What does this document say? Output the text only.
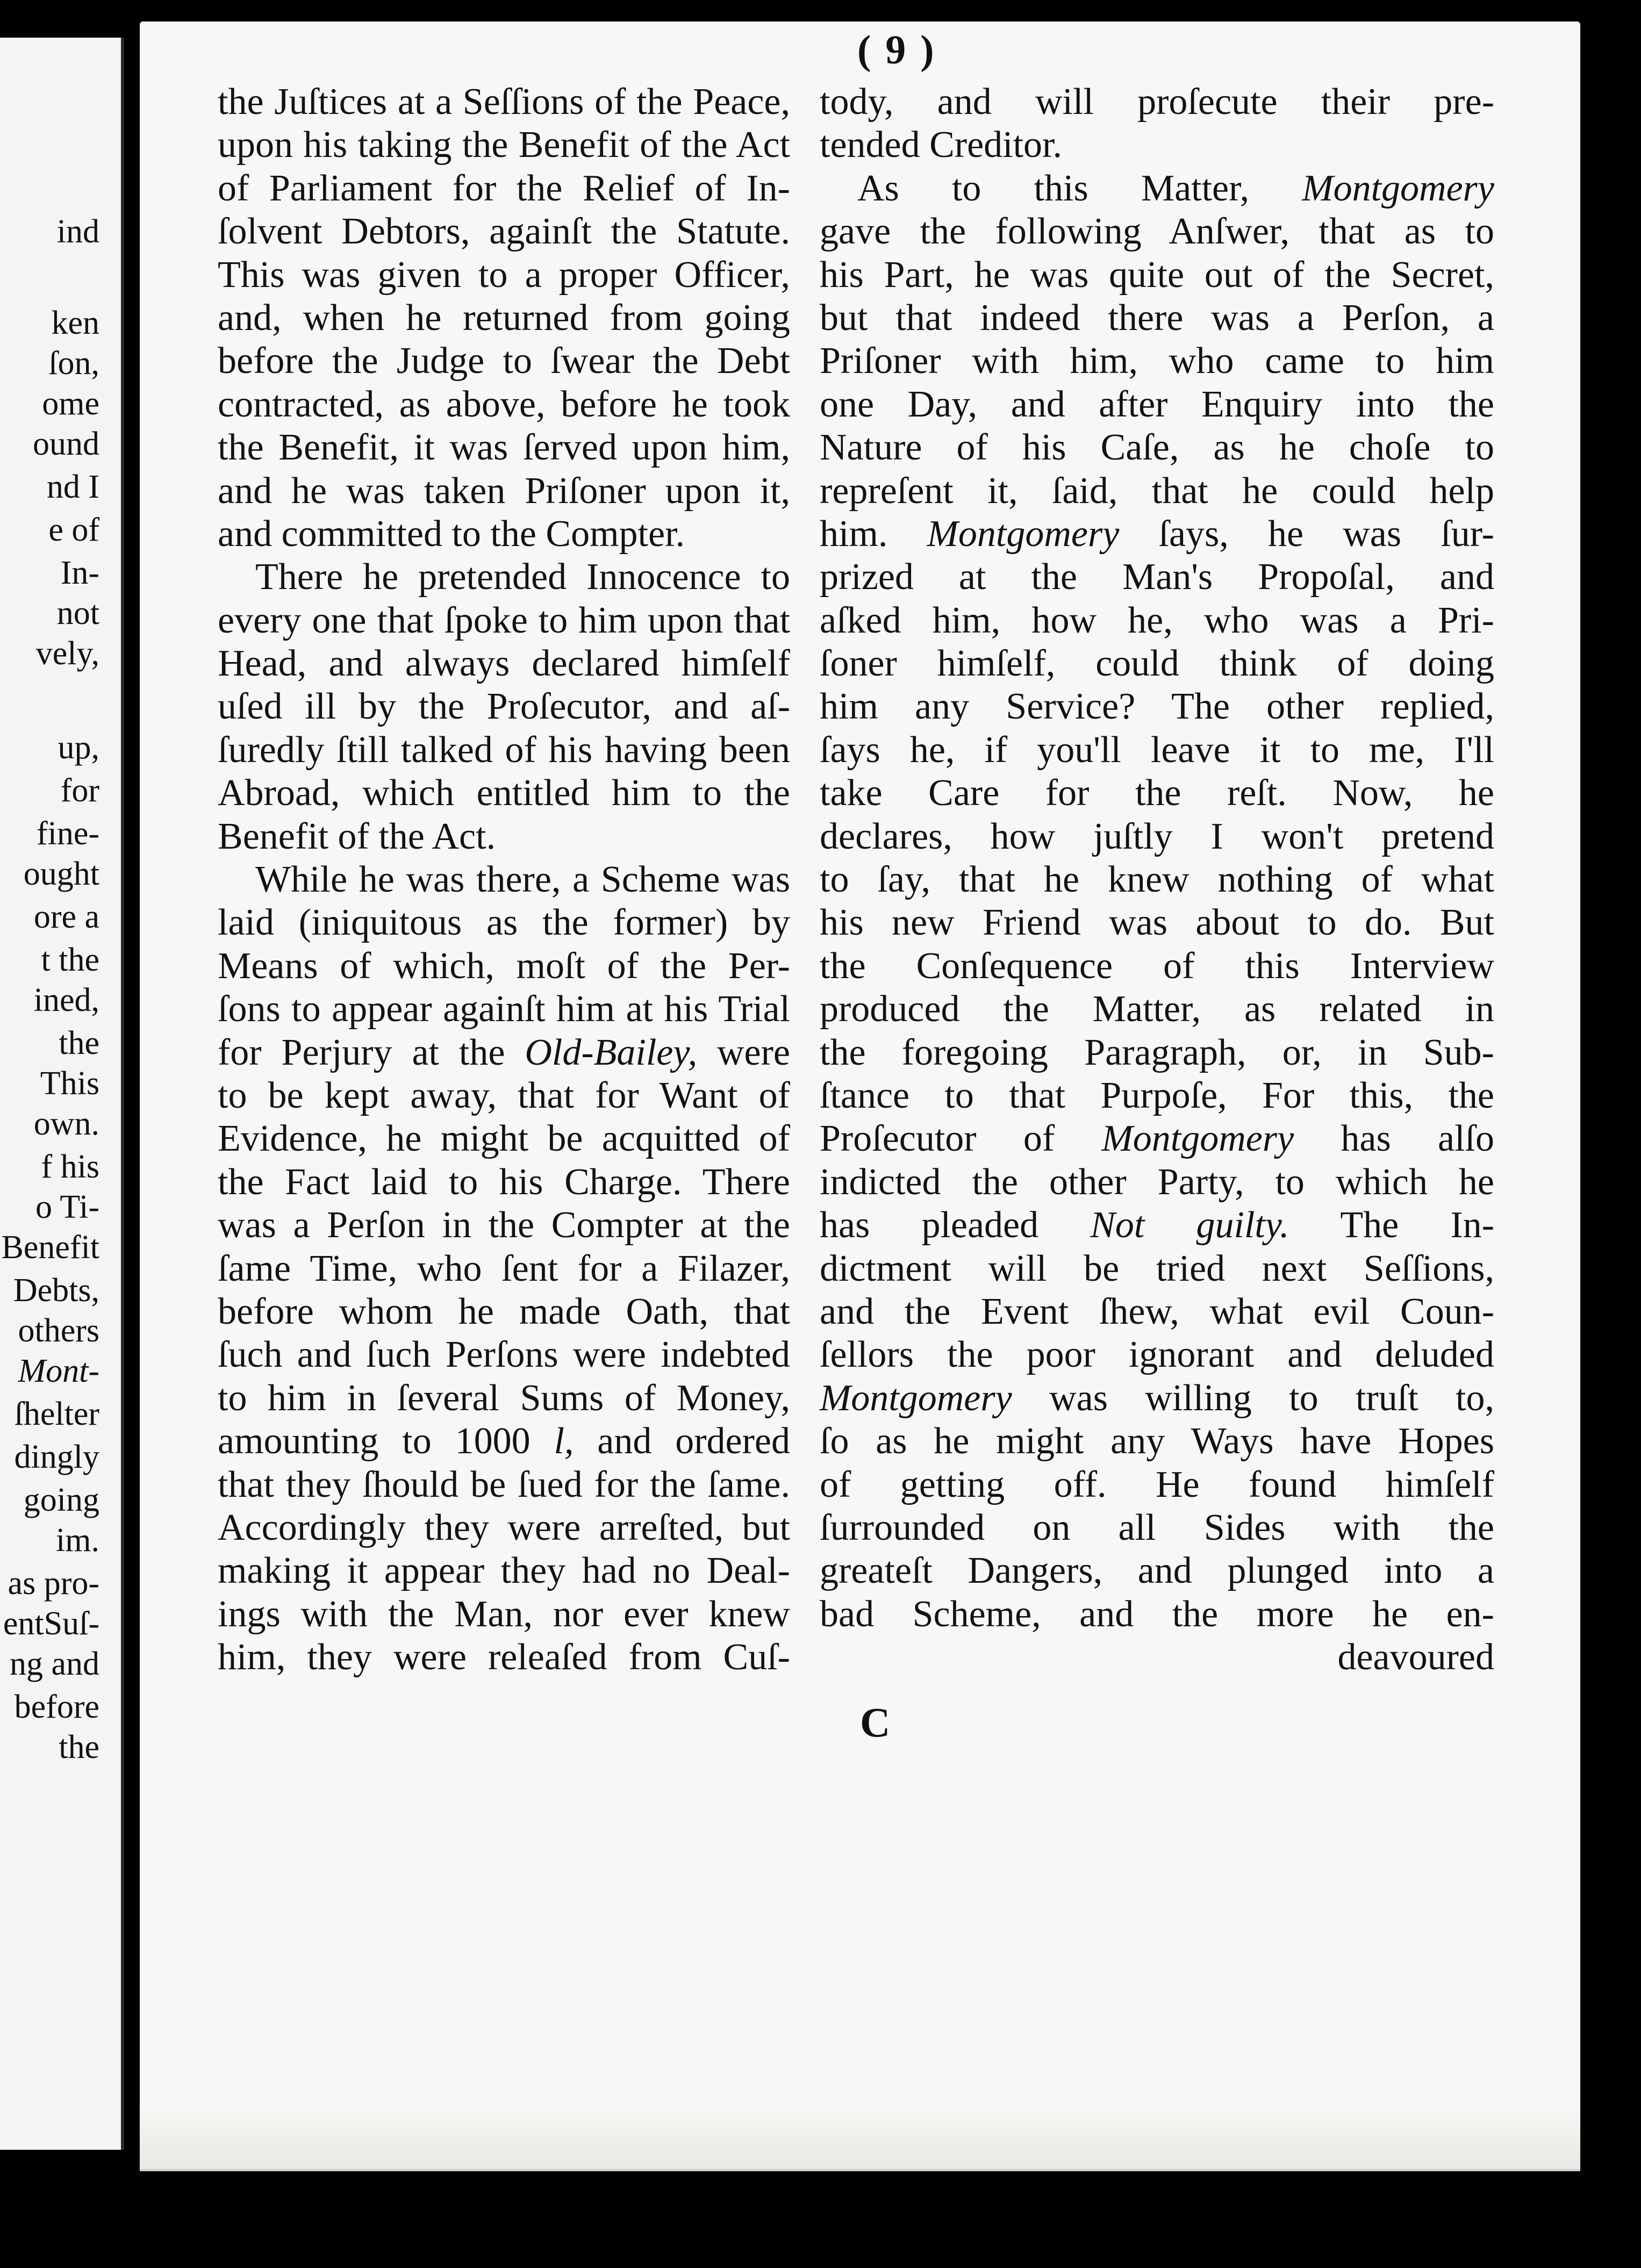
ind
ken
ſon,
ome
ound
nd I
e of
In-
not
vely,
up,
for
fine-
ought
ore a
t the
ined,
the
This
own.
f his
o Ti-
Benefit
Debts,
others
Mont-
ſhelter
dingly
going
im.
as pro-
entSuſ-
ng and
before
the
( 9 )
the Juſtices at a Seſſions of the Peace,
upon his taking the Benefit of the Act
of Parliament for the Relief of In-
ſolvent Debtors, againſt the Statute.
This was given to a proper Officer,
and, when he returned from going
before the Judge to ſwear the Debt
contracted, as above, before he took
the Benefit, it was ſerved upon him,
and he was taken Priſoner upon it,
and committed to the Compter.
There he pretended Innocence to
every one that ſpoke to him upon that
Head, and always declared himſelf
uſed ill by the Proſecutor, and aſ-
ſuredly ſtill talked of his having been
Abroad, which entitled him to the
Benefit of the Act.
While he was there, a Scheme was
laid (iniquitous as the former) by
Means of which, moſt of the Per-
ſons to appear againſt him at his Trial
for Perjury at the Old-Bailey, were
to be kept away, that for Want of
Evidence, he might be acquitted of
the Fact laid to his Charge. There
was a Perſon in the Compter at the
ſame Time, who ſent for a Filazer,
before whom he made Oath, that
ſuch and ſuch Perſons were indebted
to him in ſeveral Sums of Money,
amounting to 1000 l, and ordered
that they ſhould be ſued for the ſame.
Accordingly they were arreſted, but
making it appear they had no Deal-
ings with the Man, nor ever knew
him, they were releaſed from Cuſ-
tody, and will proſecute their pre-
tended Creditor.
As to this Matter, Montgomery
gave the following Anſwer, that as to
his Part, he was quite out of the Secret,
but that indeed there was a Perſon, a
Priſoner with him, who came to him
one Day, and after Enquiry into the
Nature of his Caſe, as he choſe to
repreſent it, ſaid, that he could help
him. Montgomery ſays, he was ſur-
prized at the Man's Propoſal, and
aſked him, how he, who was a Pri-
ſoner himſelf, could think of doing
him any Service? The other replied,
ſays he, if you'll leave it to me, I'll
take Care for the reſt. Now, he
declares, how juſtly I won't pretend
to ſay, that he knew nothing of what
his new Friend was about to do. But
the Conſequence of this Interview
produced the Matter, as related in
the foregoing Paragraph, or, in Sub-
ſtance to that Purpoſe, For this, the
Proſecutor of Montgomery has alſo
indicted the other Party, to which he
has pleaded Not guilty. The In-
dictment will be tried next Seſſions,
and the Event ſhew, what evil Coun-
ſellors the poor ignorant and deluded
Montgomery was willing to truſt to,
ſo as he might any Ways have Hopes
of getting off. He found himſelf
ſurrounded on all Sides with the
greateſt Dangers, and plunged into a
bad Scheme, and the more he en-
deavoured
C
